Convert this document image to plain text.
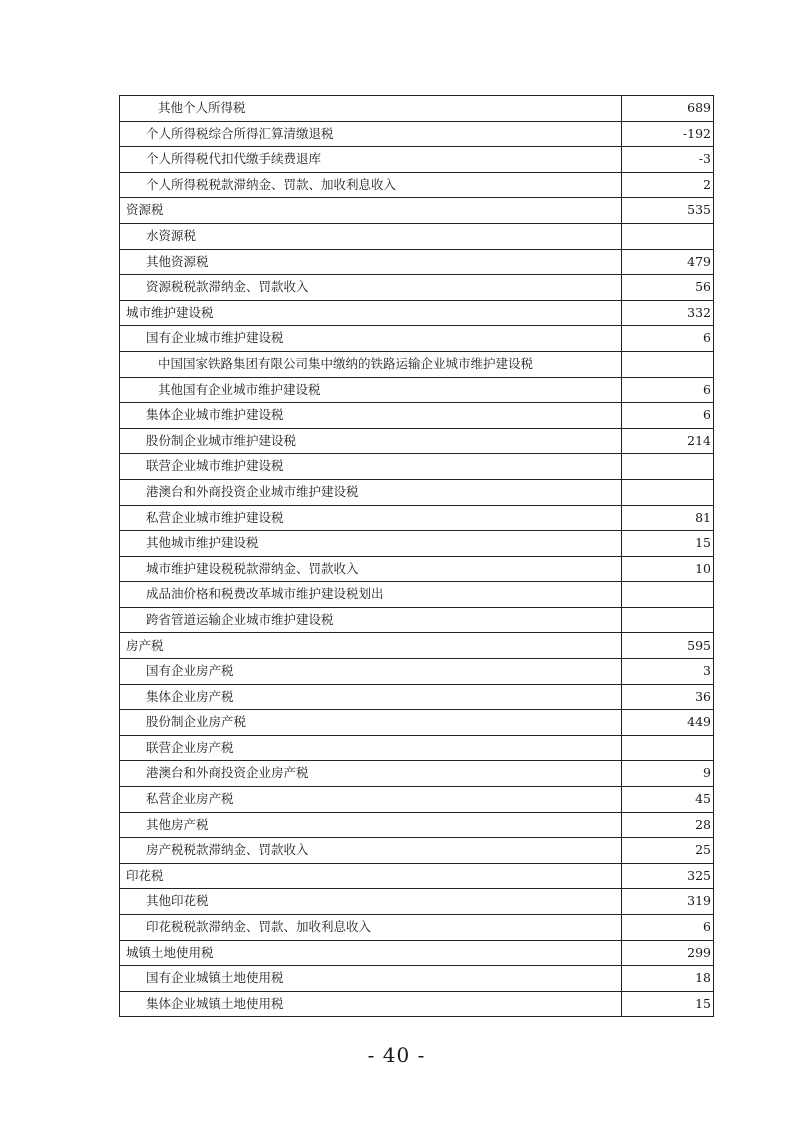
其他个人所得税	689
个人所得税综合所得汇算清缴退税	-192
个人所得税代扣代缴手续费退库	-3
个人所得税税款滞纳金、罚款、加收利息收入	2
资源税	535
水资源税	
其他资源税	479
资源税税款滞纳金、罚款收入	56
城市维护建设税	332
国有企业城市维护建设税	6
中国国家铁路集团有限公司集中缴纳的铁路运输企业城市维护建设税	
其他国有企业城市维护建设税	6
集体企业城市维护建设税	6
股份制企业城市维护建设税	214
联营企业城市维护建设税	
港澳台和外商投资企业城市维护建设税	
私营企业城市维护建设税	81
其他城市维护建设税	15
城市维护建设税税款滞纳金、罚款收入	10
成品油价格和税费改革城市维护建设税划出	
跨省管道运输企业城市维护建设税	
房产税	595
国有企业房产税	3
集体企业房产税	36
股份制企业房产税	449
联营企业房产税	
港澳台和外商投资企业房产税	9
私营企业房产税	45
其他房产税	28
房产税税款滞纳金、罚款收入	25
印花税	325
其他印花税	319
印花税税款滞纳金、罚款、加收利息收入	6
城镇土地使用税	299
国有企业城镇土地使用税	18
集体企业城镇土地使用税	15
- 40 -
